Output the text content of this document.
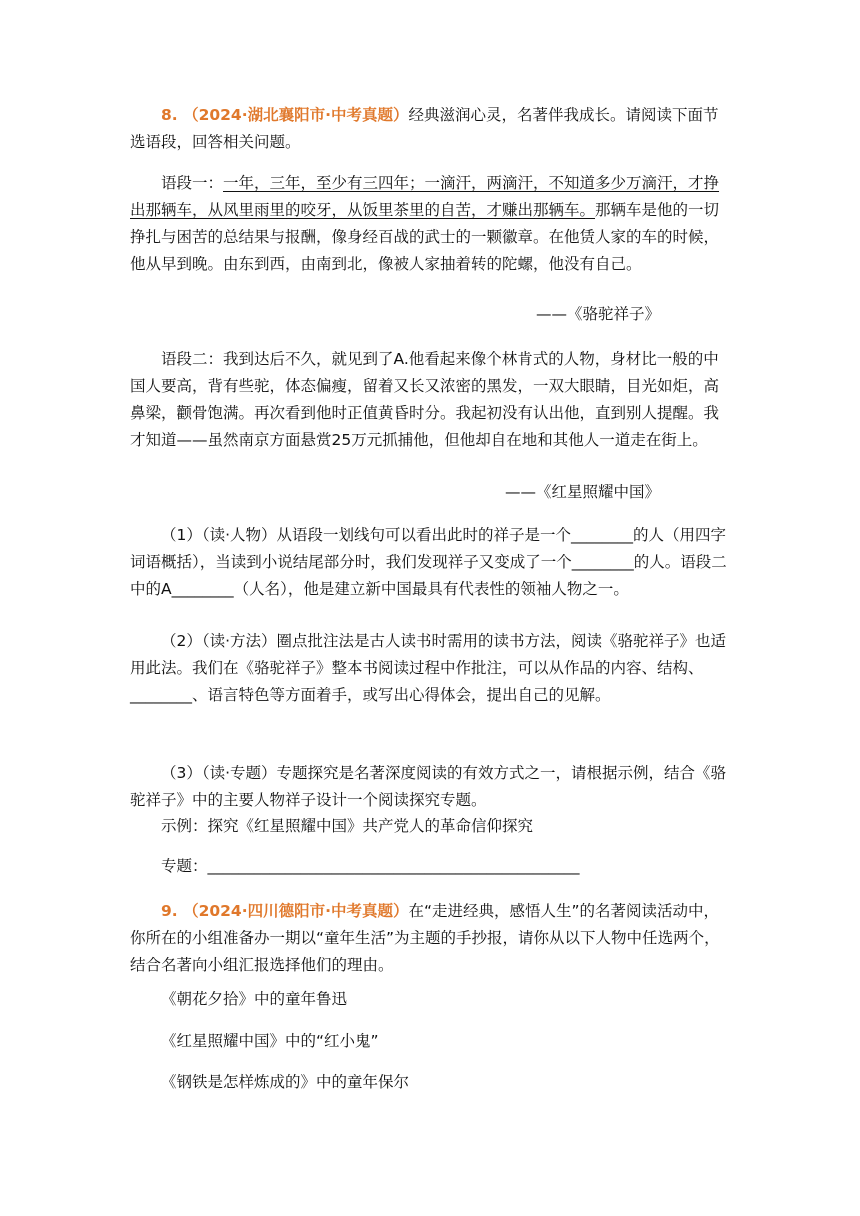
8. （2024·湖北襄阳市·中考真题）经典滋润心灵，名著伴我成长。请阅读下面节选语段，回答相关问题。
语段一：一年，三年，至少有三四年；一滴汗，两滴汗，不知道多少万滴汗，才挣出那辆车，从风里雨里的咬牙，从饭里茶里的自苦，才赚出那辆车。那辆车是他的一切挣扎与困苦的总结果与报酬，像身经百战的武士的一颗徽章。在他赁人家的车的时候，他从早到晚。由东到西，由南到北，像被人家抽着转的陀螺，他没有自己。
——《骆驼祥子》
语段二：我到达后不久，就见到了A.他看起来像个林肯式的人物，身材比一般的中国人要高，背有些驼，体态偏瘦，留着又长又浓密的黑发，一双大眼睛，目光如炬，高鼻梁，颧骨饱满。再次看到他时正值黄昏时分。我起初没有认出他，直到别人提醒。我才知道——虽然南京方面悬赏25万元抓捕他，但他却自在地和其他人一道走在街上。
——《红星照耀中国》
（1）（读·人物）从语段一划线句可以看出此时的祥子是一个________的人（用四字词语概括），当读到小说结尾部分时，我们发现祥子又变成了一个________的人。语段二中的A________（人名），他是建立新中国最具有代表性的领袖人物之一。
（2）（读·方法）圈点批注法是古人读书时需用的读书方法，阅读《骆驼祥子》也适用此法。我们在《骆驼祥子》整本书阅读过程中作批注，可以从作品的内容、结构、________、语言特色等方面着手，或写出心得体会，提出自己的见解。
（3）（读·专题）专题探究是名著深度阅读的有效方式之一，请根据示例，结合《骆驼祥子》中的主要人物祥子设计一个阅读探究专题。
示例：探究《红星照耀中国》共产党人的革命信仰探究
专题：________________________________________________
9. （2024·四川德阳市·中考真题）在“走进经典，感悟人生”的名著阅读活动中，你所在的小组准备办一期以“童年生活”为主题的手抄报，请你从以下人物中任选两个，结合名著向小组汇报选择他们的理由。
《朝花夕拾》中的童年鲁迅
《红星照耀中国》中的“红小鬼”
《钢铁是怎样炼成的》中的童年保尔
